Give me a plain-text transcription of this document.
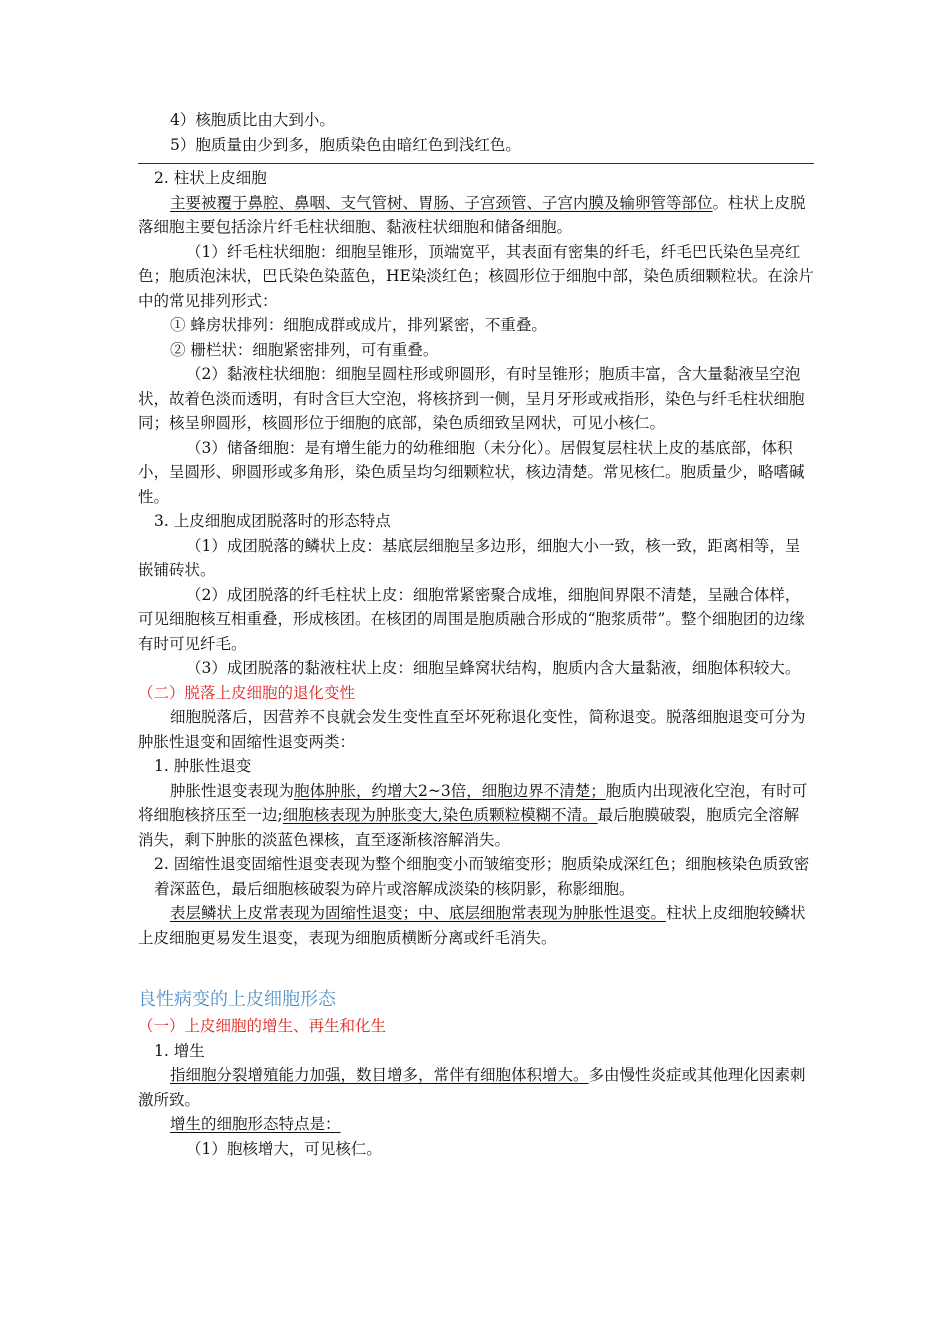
4）核胞质比由大到小。

5）胞质量由少到多，胞质染色由暗红色到浅红色。

2. 柱状上皮细胞

主要被覆于鼻腔、鼻咽、支气管树、胃肠、子宫颈管、子宫内膜及输卵管等部位。柱状上皮脱落细胞主要包括涂片纤毛柱状细胞、黏液柱状细胞和储备细胞。

（1）纤毛柱状细胞：细胞呈锥形，顶端宽平，其表面有密集的纤毛，纤毛巴氏染色呈亮红色；胞质泡沫状，巴氏染色染蓝色，HE染淡红色；核圆形位于细胞中部，染色质细颗粒状。在涂片中的常见排列形式：

① 蜂房状排列：细胞成群或成片，排列紧密，不重叠。

② 栅栏状：细胞紧密排列，可有重叠。

（2）黏液柱状细胞：细胞呈圆柱形或卵圆形，有时呈锥形；胞质丰富，含大量黏液呈空泡状，故着色淡而透明，有时含巨大空泡，将核挤到一侧，呈月牙形或戒指形，染色与纤毛柱状细胞同；核呈卵圆形，核圆形位于细胞的底部，染色质细致呈网状，可见小核仁。

（3）储备细胞：是有增生能力的幼稚细胞（未分化）。居假复层柱状上皮的基底部，体积小，呈圆形、卵圆形或多角形，染色质呈均匀细颗粒状，核边清楚。常见核仁。胞质量少，略嗜碱性。

3. 上皮细胞成团脱落时的形态特点

（1）成团脱落的鳞状上皮：基底层细胞呈多边形，细胞大小一致，核一致，距离相等，呈嵌铺砖状。

（2）成团脱落的纤毛柱状上皮：细胞常紧密聚合成堆，细胞间界限不清楚，呈融合体样，可见细胞核互相重叠，形成核团。在核团的周围是胞质融合形成的“胞浆质带”。整个细胞团的边缘有时可见纤毛。

（3）成团脱落的黏液柱状上皮：细胞呈蜂窝状结构，胞质内含大量黏液，细胞体积较大。

（二）脱落上皮细胞的退化变性

细胞脱落后，因营养不良就会发生变性直至坏死称退化变性，简称退变。脱落细胞退变可分为肿胀性退变和固缩性退变两类：

1. 肿胀性退变

肿胀性退变表现为胞体肿胀，约增大2~3倍，细胞边界不清楚；胞质内出现液化空泡，有时可将细胞核挤压至一边;细胞核表现为肿胀变大,染色质颗粒模糊不清。最后胞膜破裂，胞质完全溶解消失，剩下肿胀的淡蓝色裸核，直至逐渐核溶解消失。

2. 固缩性退变固缩性退变表现为整个细胞变小而皱缩变形；胞质染成深红色；细胞核染色质致密着深蓝色，最后细胞核破裂为碎片或溶解成淡染的核阴影，称影细胞。

表层鳞状上皮常表现为固缩性退变；中、底层细胞常表现为肿胀性退变。柱状上皮细胞较鳞状上皮细胞更易发生退变，表现为细胞质横断分离或纤毛消失。

良性病变的上皮细胞形态

（一）上皮细胞的增生、再生和化生

1. 增生

指细胞分裂增殖能力加强，数目增多，常伴有细胞体积增大。多由慢性炎症或其他理化因素刺激所致。

增生的细胞形态特点是：

（1）胞核增大，可见核仁。
